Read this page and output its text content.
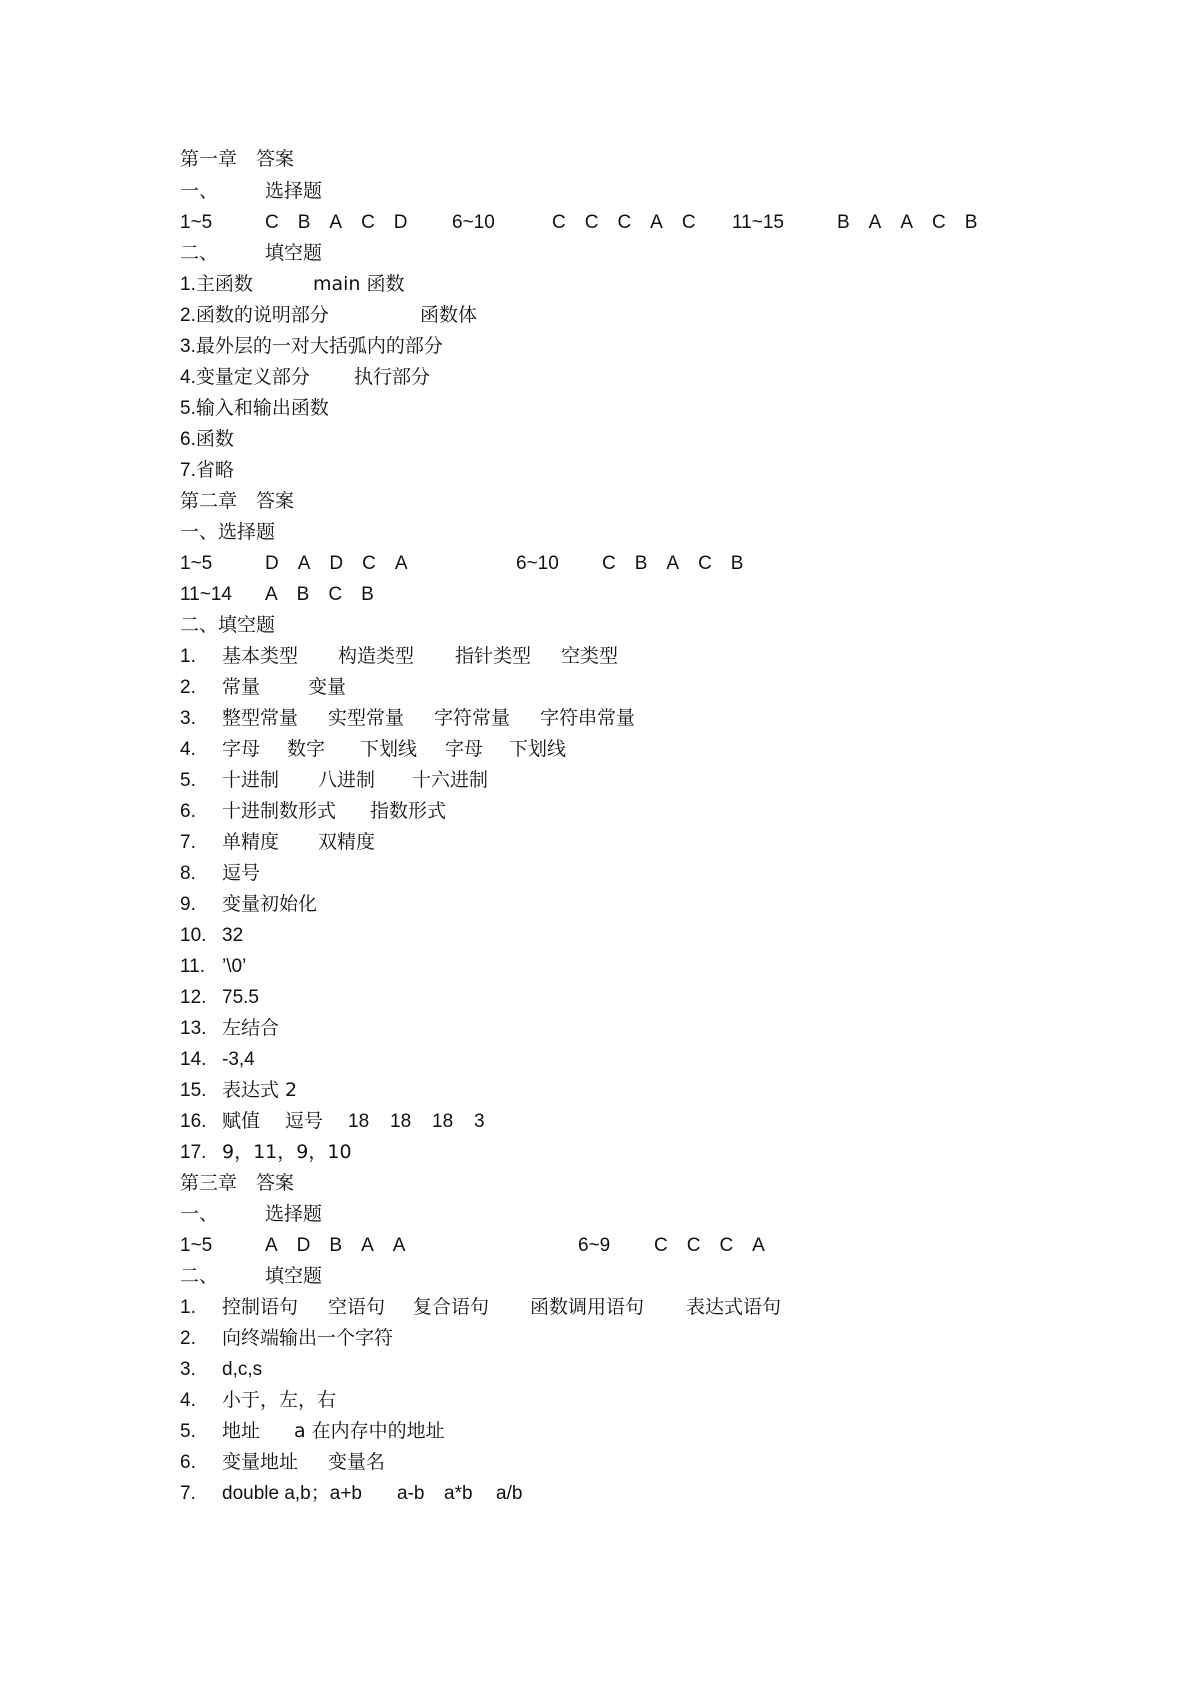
第一章　答案
一、 选择题
1~5	C  B  A  C  D 6~10	C  C  C  A  C 11~15	B  A  A  C  B
二、 填空题
1.主函数	main 函数
2.函数的说明部分	函数体
3.最外层的一对大括弧内的部分
4.变量定义部分 执行部分
5.输入和输出函数
6.函数
7.省略
第二章　答案
一、选择题
1~5	D  A  D  C  A	6~10 C  B  A  C  B
11~14 A  B  C  B
二、填空题
1. 基本类型 构造类型 指针类型 空类型
2. 常量	变量
3. 整型常量 实型常量 字符常量 字符串常量
4. 字母 数字 下划线 字母 下划线
5. 十进制 八进制 十六进制
6. 十进制数形式 指数形式
7. 单精度 双精度
8. 逗号
9. 变量初始化
10. 32
11. ’\0’
12. 75.5
13. 左结合
14. -3,4
15. 表达式 2
16. 赋值 逗号 18 18 18 3
17. 9，11，9，10
第三章　答案
一、 选择题
1~5	A  D  B  A  A	6~9 C  C  C  A
二、 填空题
1. 控制语句 空语句 复合语句 函数调用语句 表达式语句
2. 向终端输出一个字符
3. d,c,s
4. 小于，左，右
5. 地址 a 在内存中的地址
6. 变量地址 变量名
7. double a,b；a+b a-b a*b a/b
